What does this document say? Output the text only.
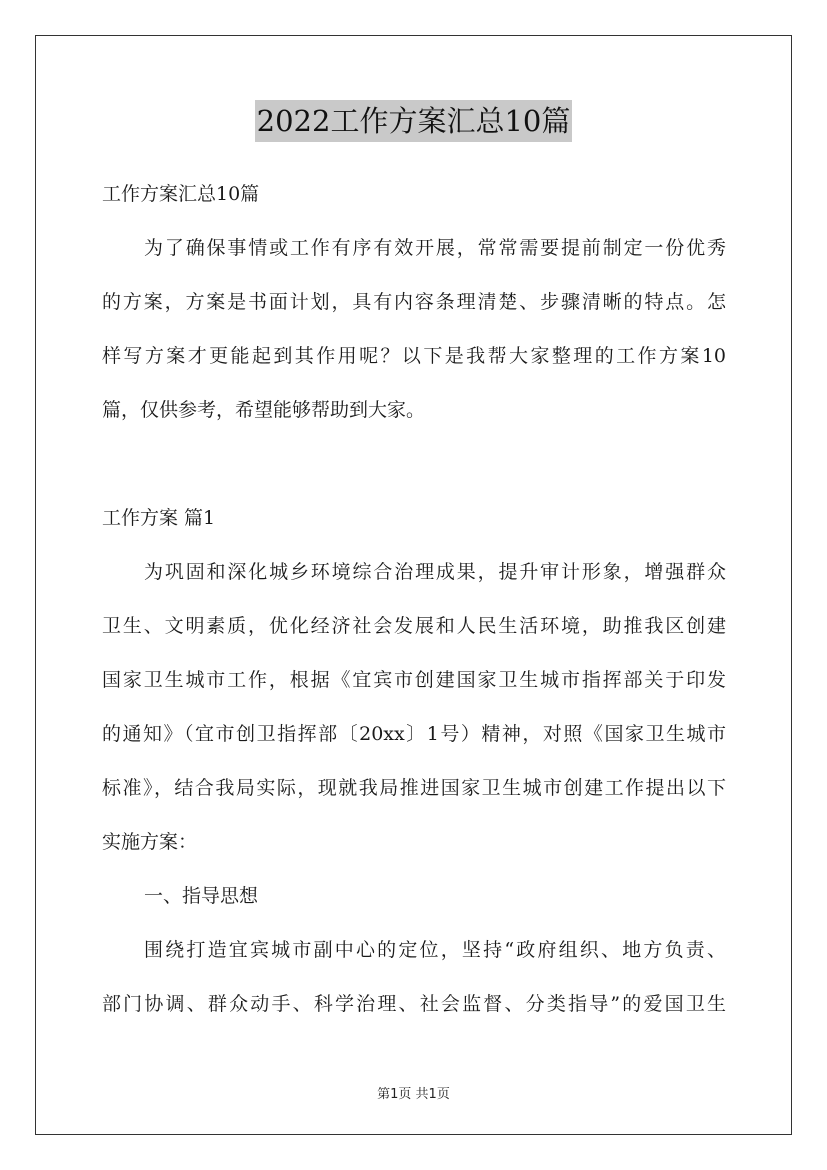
2022工作方案汇总10篇
工作方案汇总10篇
为了确保事情或工作有序有效开展，常常需要提前制定一份优秀
的方案，方案是书面计划，具有内容条理清楚、步骤清晰的特点。怎
样写方案才更能起到其作用呢？以下是我帮大家整理的工作方案10
篇，仅供参考，希望能够帮助到大家。
工作方案 篇1
为巩固和深化城乡环境综合治理成果，提升审计形象，增强群众
卫生、文明素质，优化经济社会发展和人民生活环境，助推我区创建
国家卫生城市工作，根据《宜宾市创建国家卫生城市指挥部关于印发
的通知》（宜市创卫指挥部〔20xx〕1号）精神，对照《国家卫生城市
标准》，结合我局实际，现就我局推进国家卫生城市创建工作提出以下
实施方案：
一、指导思想
围绕打造宜宾城市副中心的定位，坚持“政府组织、地方负责、
部门协调、群众动手、科学治理、社会监督、分类指导”的爱国卫生
第1页 共1页
